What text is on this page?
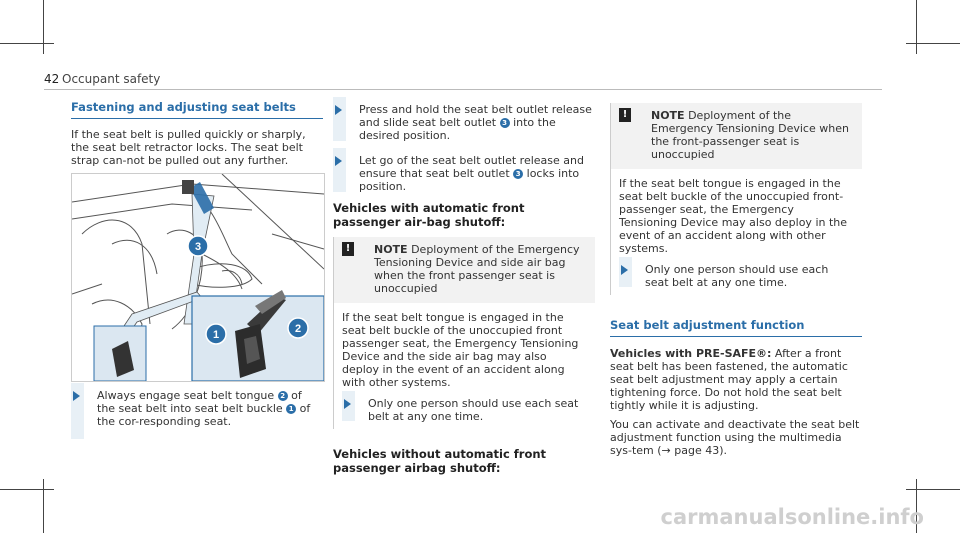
42 Occupant safety
Fastening and adjusting seat belts

If the seat belt is pulled quickly or sharply, the seat belt retractor locks. The seat belt strap can-not be pulled out any further.

1	2
3
Always engage seat belt tongue 2 of the seat belt into seat belt buckle 1 of the cor-responding seat.
Press and hold the seat belt outlet release and slide seat belt outlet 3 into the desired position.
Let go of the seat belt outlet release and ensure that seat belt outlet 3 locks into position.
Vehicles with automatic front passenger air-bag shutoff:
!	NOTE Deployment of the Emergency Tensioning Device and side air bag when the front passenger seat is unoccupied

If the seat belt tongue is engaged in the seat belt buckle of the unoccupied front passenger seat, the Emergency Tensioning Device and the side air bag may also deploy in the event of an accident along with other systems.

Only one person should use each seat belt at any one time.
Vehicles without automatic front passenger airbag shutoff:
!	NOTE Deployment of the Emergency Tensioning Device when the front-passenger seat is unoccupied

If the seat belt tongue is engaged in the seat belt buckle of the unoccupied front-passenger seat, the Emergency Tensioning Device may also deploy in the event of an accident along with other systems.

Only one person should use each seat belt at any one time.
Seat belt adjustment function

Vehicles with PRE-SAFE®: After a front seat belt has been fastened, the automatic seat belt adjustment may apply a certain tightening force. Do not hold the seat belt tightly while it is adjusting.

You can activate and deactivate the seat belt adjustment function using the multimedia sys-tem (→ page 43).

carmanualsonline.info
